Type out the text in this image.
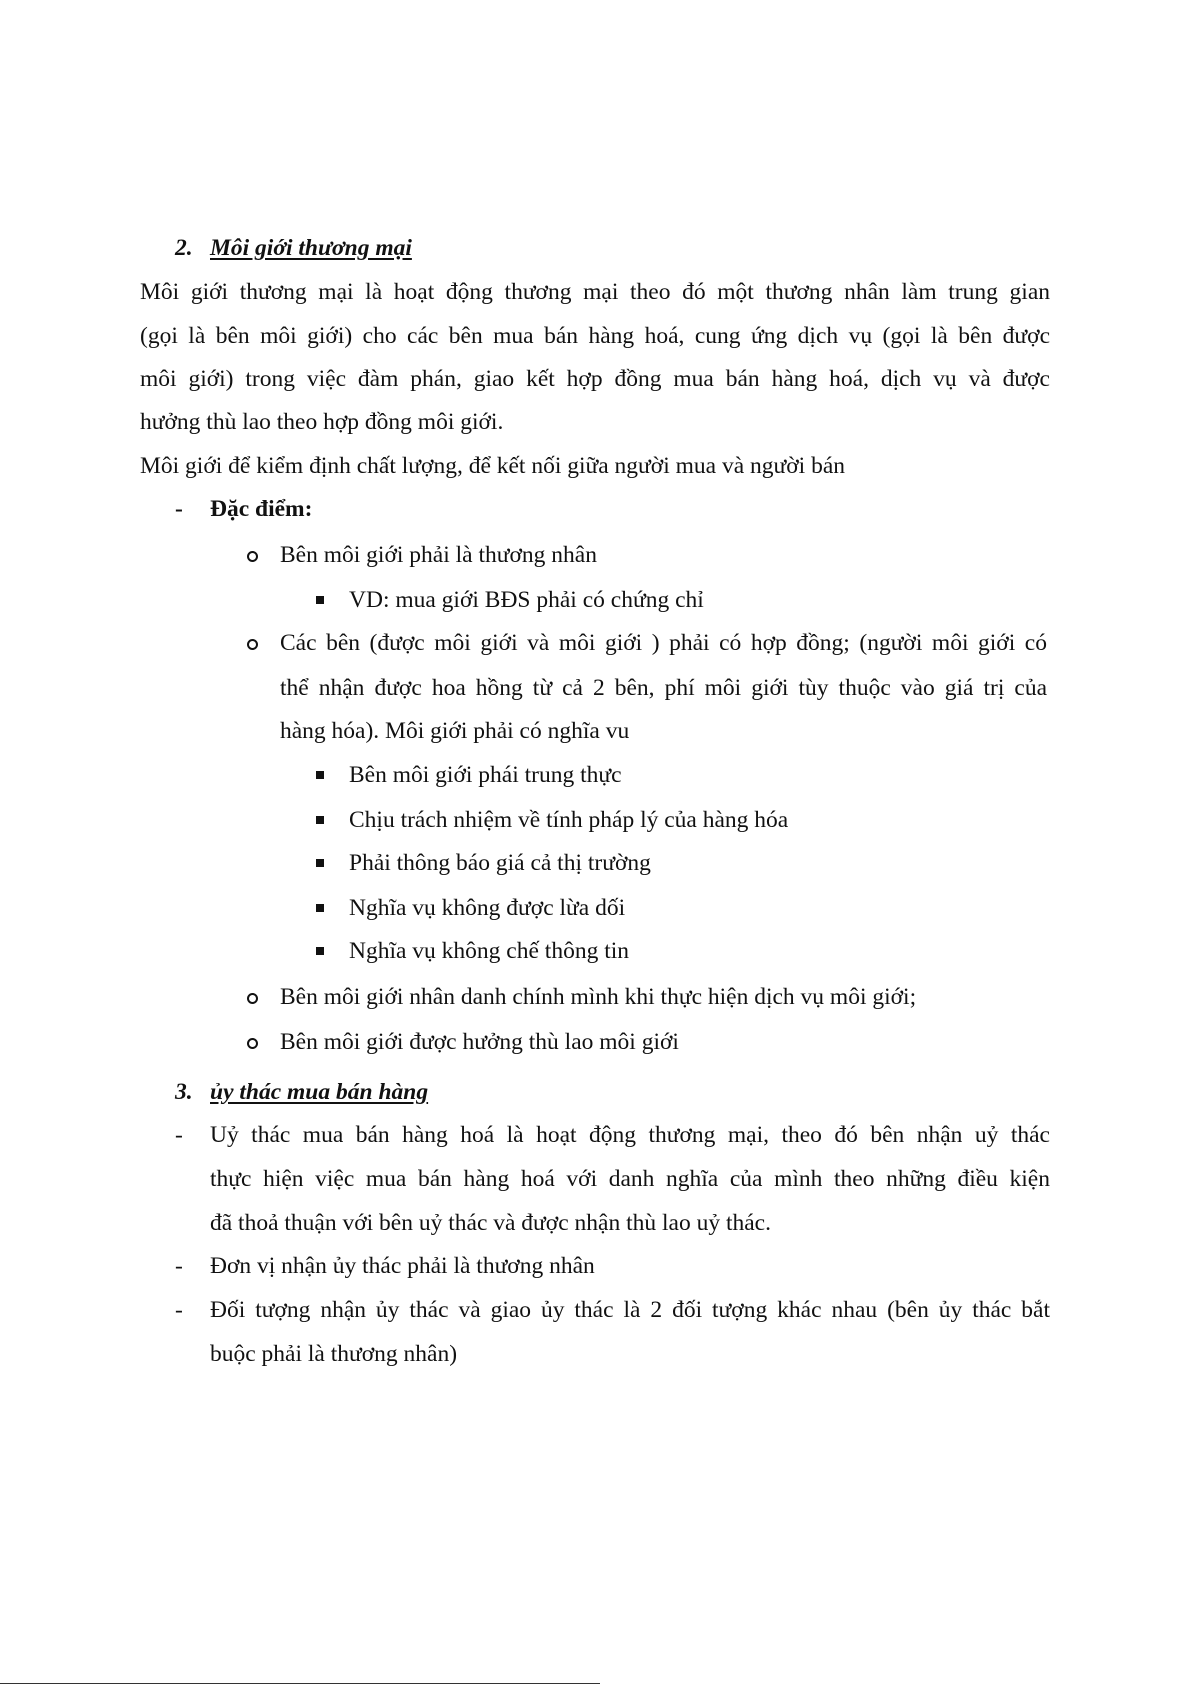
2. Môi giới thương mại
Môi giới thương mại là hoạt động thương mại theo đó một thương nhân làm trung gian
(gọi là bên môi giới) cho các bên mua bán hàng hoá, cung ứng dịch vụ (gọi là bên được
môi giới) trong việc đàm phán, giao kết hợp đồng mua bán hàng hoá, dịch vụ và được
hưởng thù lao theo hợp đồng môi giới.
Môi giới để kiểm định chất lượng, để kết nối giữa người mua và người bán
- Đặc điểm:
Bên môi giới phải là thương nhân
VD: mua giới BĐS phải có chứng chỉ
Các bên (được môi giới và môi giới ) phải có hợp đồng; (người môi giới có
thể nhận được hoa hồng từ cả 2 bên, phí môi giới tùy thuộc vào giá trị của
hàng hóa). Môi giới phải có nghĩa vu
Bên môi giới phái trung thực
Chịu trách nhiệm về tính pháp lý của hàng hóa
Phải thông báo giá cả thị trường
Nghĩa vụ không được lừa dối
Nghĩa vụ không chế thông tin
Bên môi giới nhân danh chính mình khi thực hiện dịch vụ môi giới;
Bên môi giới được hưởng thù lao môi giới
3. ủy thác mua bán hàng
- Uỷ thác mua bán hàng hoá là hoạt động thương mại, theo đó bên nhận uỷ thác
thực hiện việc mua bán hàng hoá với danh nghĩa của mình theo những điều kiện
đã thoả thuận với bên uỷ thác và được nhận thù lao uỷ thác.
- Đơn vị nhận ủy thác phải là thương nhân
- Đối tượng nhận ủy thác và giao ủy thác là 2 đối tượng khác nhau (bên ủy thác bắt
buộc phải là thương nhân)
